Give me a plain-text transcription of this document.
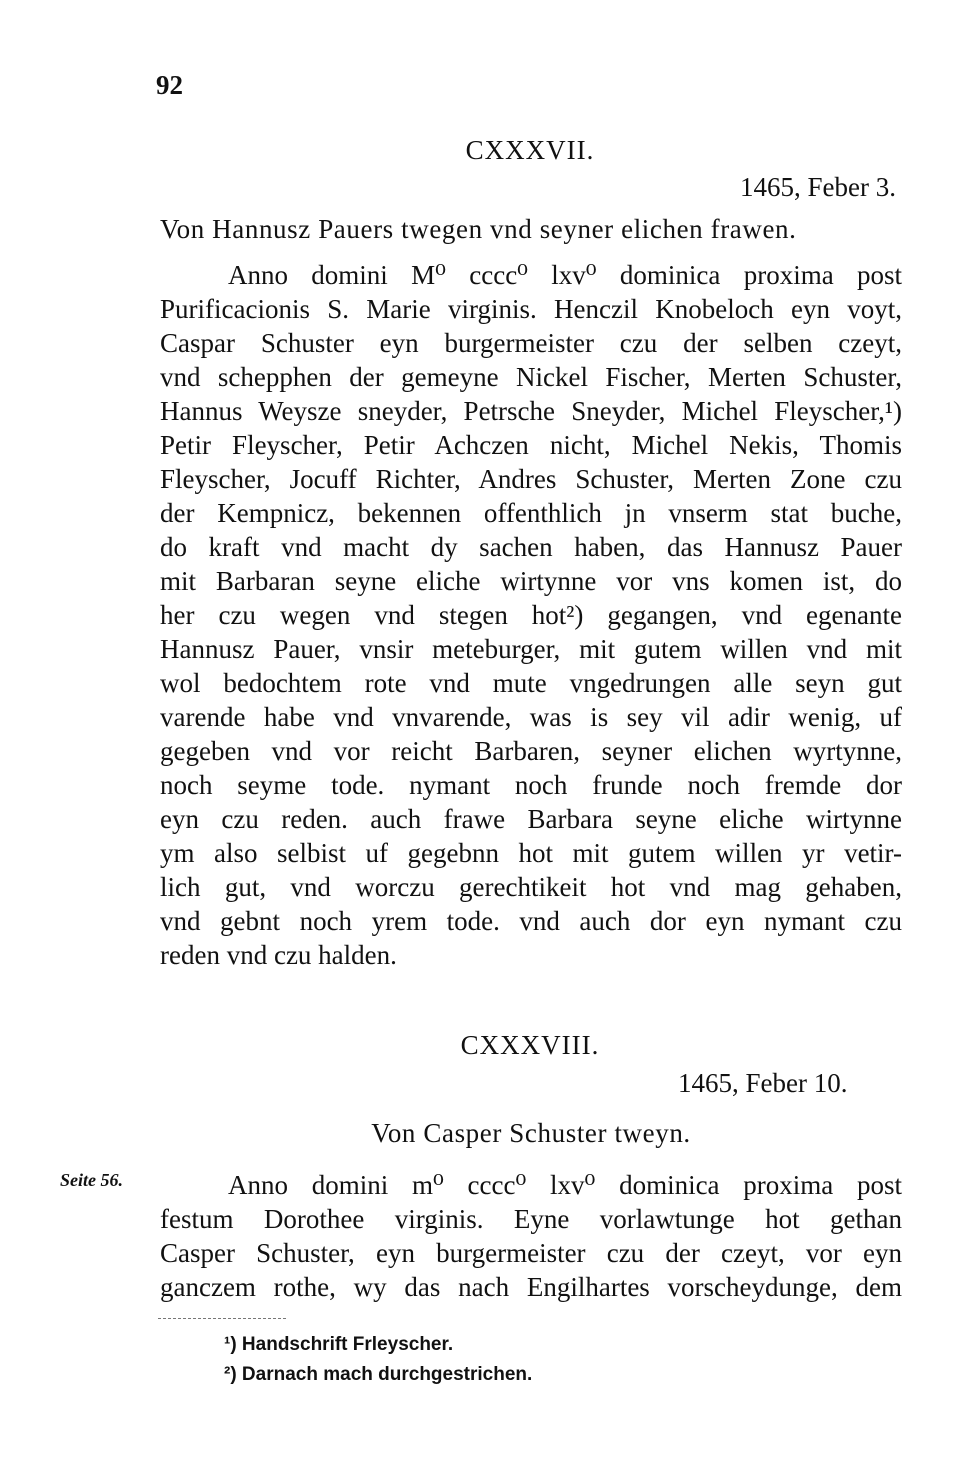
92
CXXXVII.
1465, Feber 3.
Von Hannusz Pauers twegen vnd seyner elichen frawen.
Anno domini M⁰ cccc⁰ lxv⁰ dominica proxima post
Purificacionis S. Marie virginis. Henczil Knobeloch eyn voyt,
Caspar Schuster eyn burgermeister czu der selben czeyt,
vnd schepphen der gemeyne Nickel Fischer, Merten Schuster,
Hannus Weysze sneyder, Petrsche Sneyder, Michel Fleyscher,¹)
Petir Fleyscher, Petir Achczen nicht, Michel Nekis, Thomis
Fleyscher, Jocuff Richter, Andres Schuster, Merten Zone czu
der Kempnicz, bekennen offenthlich jn vnserm stat buche,
do kraft vnd macht dy sachen haben, das Hannusz Pauer
mit Barbaran seyne eliche wirtynne vor vns komen ist, do
her czu wegen vnd stegen hot²) gegangen, vnd egenante
Hannusz Pauer, vnsir meteburger, mit gutem willen vnd mit
wol bedochtem rote vnd mute vngedrungen alle seyn gut
varende habe vnd vnvarende, was is sey vil adir wenig, uf
gegeben vnd vor reicht Barbaren, seyner elichen wyrtynne,
noch seyme tode. nymant noch frunde noch fremde dor
eyn czu reden. auch frawe Barbara seyne eliche wirtynne
ym also selbist uf gegebnn hot mit gutem willen yr vetir-
lich gut, vnd worczu gerechtikeit hot vnd mag gehaben,
vnd gebnt noch yrem tode. vnd auch dor eyn nymant czu
reden vnd czu halden.
CXXXVIII.
1465, Feber 10.
Von Casper Schuster tweyn.
Seite 56.	Anno domini m⁰ cccc⁰ lxv⁰ dominica proxima post
festum Dorothee virginis. Eyne vorlawtunge hot gethan
Casper Schuster, eyn burgermeister czu der czeyt, vor eyn
ganczem rothe, wy das nach Engilhartes vorscheydunge, dem
¹) Handschrift Frleyscher.
²) Darnach mach durchgestrichen.
